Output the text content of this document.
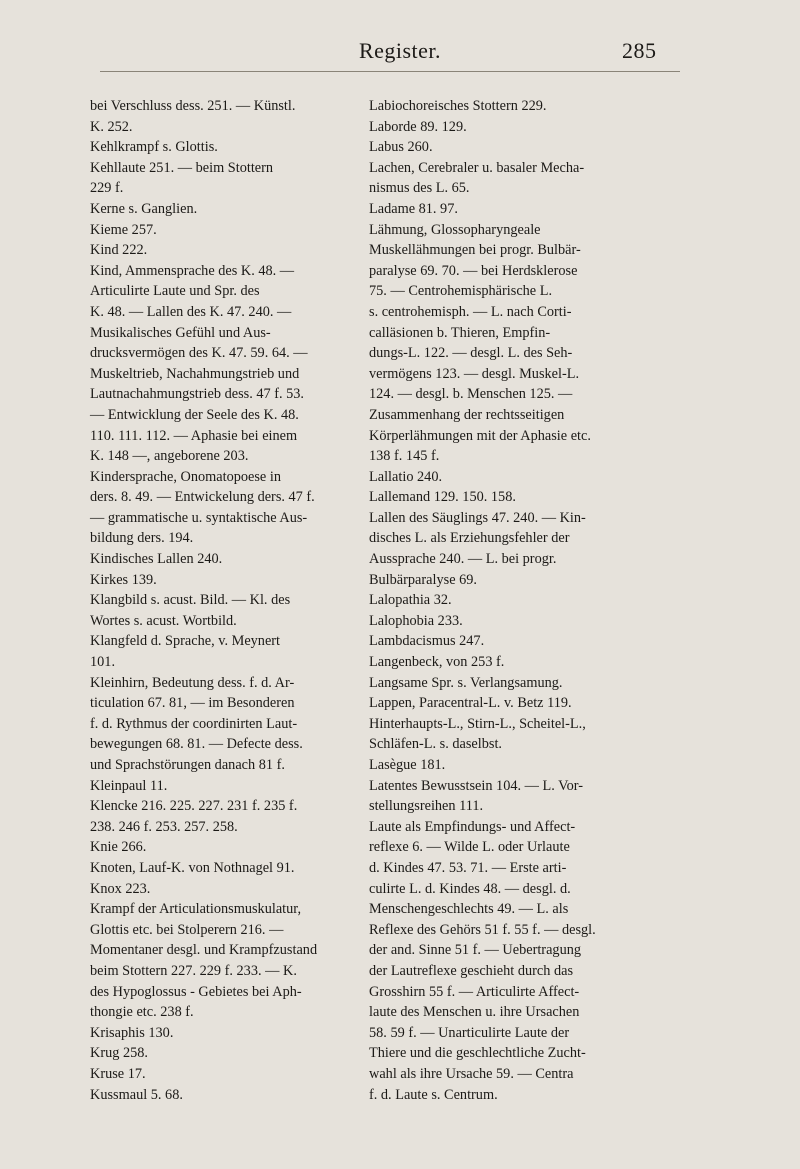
Register.	285
bei Verschluss dess. 251. — Künstl.
K. 252.
Kehlkrampf s. Glottis.
Kehllaute 251. — beim Stottern
229 f.
Kerne s. Ganglien.
Kieme 257.
Kind 222.
Kind, Ammensprache des K. 48. —
Articulirte Laute und Spr. des
K. 48. — Lallen des K. 47. 240. —
Musikalisches Gefühl und Aus-
drucksvermögen des K. 47. 59. 64. —
Muskeltrieb, Nachahmungstrieb und
Lautnachahmungstrieb dess. 47 f. 53.
— Entwicklung der Seele des K. 48.
110. 111. 112. — Aphasie bei einem
K. 148 —, angeborene 203.
Kindersprache, Onomatopoese in
ders. 8. 49. — Entwickelung ders. 47 f.
— grammatische u. syntaktische Aus-
bildung ders. 194.
Kindisches Lallen 240.
Kirkes 139.
Klangbild s. acust. Bild. — Kl. des
Wortes s. acust. Wortbild.
Klangfeld d. Sprache, v. Meynert
101.
Kleinhirn, Bedeutung dess. f. d. Ar-
ticulation 67. 81, — im Besonderen
f. d. Rythmus der coordinirten Laut-
bewegungen 68. 81. — Defecte dess.
und Sprachstörungen danach 81 f.
Kleinpaul 11.
Klencke 216. 225. 227. 231 f. 235 f.
238. 246 f. 253. 257. 258.
Knie 266.
Knoten, Lauf-K. von Nothnagel 91.
Knox 223.
Krampf der Articulationsmuskulatur,
Glottis etc. bei Stolperern 216. —
Momentaner desgl. und Krampfzustand
beim Stottern 227. 229 f. 233. — K.
des Hypoglossus - Gebietes bei Aph-
thongie etc. 238 f.
Krisaphis 130.
Krug 258.
Kruse 17.
Kussmaul 5. 68.
Labiochoreisches Stottern 229.
Laborde 89. 129.
Labus 260.
Lachen, Cerebraler u. basaler Mecha-
nismus des L. 65.
Ladame 81. 97.
Lähmung, Glossopharyngeale
Muskellähmungen bei progr. Bulbär-
paralyse 69. 70. — bei Herdsklerose
75. — Centrohemisphärische L.
s. centrohemisph. — L. nach Corti-
calläsionen b. Thieren, Empfin-
dungs-L. 122. — desgl. L. des Seh-
vermögens 123. — desgl. Muskel-L.
124. — desgl. b. Menschen 125. —
Zusammenhang der rechtsseitigen
Körperlähmungen mit der Aphasie etc.
138 f. 145 f.
Lallatio 240.
Lallemand 129. 150. 158.
Lallen des Säuglings 47. 240. — Kin-
disches L. als Erziehungsfehler der
Aussprache 240. — L. bei progr.
Bulbärparalyse 69.
Lalopathia 32.
Lalophobia 233.
Lambdacismus 247.
Langenbeck, von 253 f.
Langsame Spr. s. Verlangsamung.
Lappen, Paracentral-L. v. Betz 119.
Hinterhaupts-L., Stirn-L., Scheitel-L.,
Schläfen-L. s. daselbst.
Lasègue 181.
Latentes Bewusstsein 104. — L. Vor-
stellungsreihen 111.
Laute als Empfindungs- und Affect-
reflexe 6. — Wilde L. oder Urlaute
d. Kindes 47. 53. 71. — Erste arti-
culirte L. d. Kindes 48. — desgl. d.
Menschengeschlechts 49. — L. als
Reflexe des Gehörs 51 f. 55 f. — desgl.
der and. Sinne 51 f. — Uebertragung
der Lautreflexe geschieht durch das
Grosshirn 55 f. — Articulirte Affect-
laute des Menschen u. ihre Ursachen
58. 59 f. — Unarticulirte Laute der
Thiere und die geschlechtliche Zucht-
wahl als ihre Ursache 59. — Centra
f. d. Laute s. Centrum.
